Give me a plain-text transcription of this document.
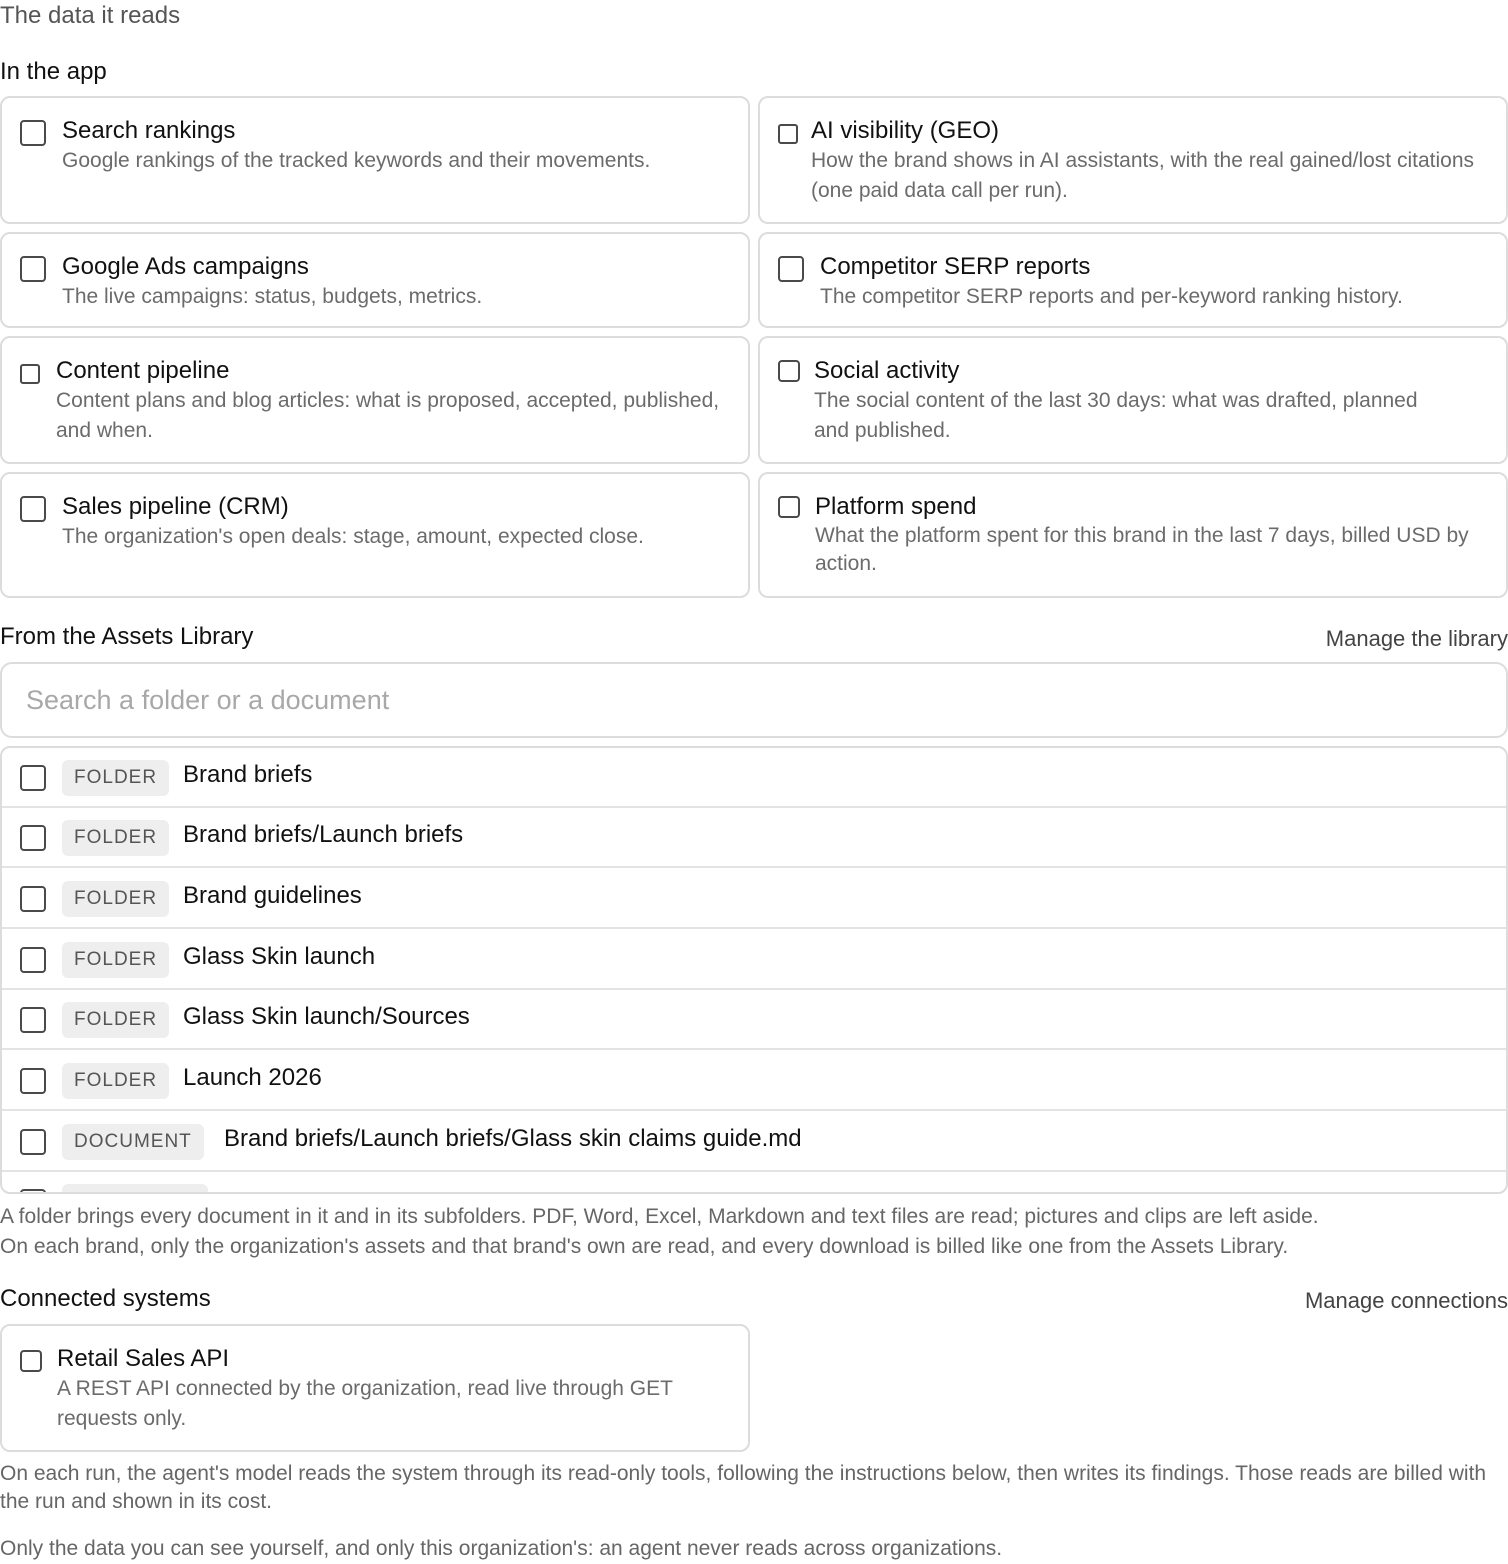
The data it reads
In the app
Search rankings
Google rankings of the tracked keywords and their movements.
AI visibility (GEO)
How the brand shows in AI assistants, with the real gained/lost citations (one paid data call per run).
Google Ads campaigns
The live campaigns: status, budgets, metrics.
Competitor SERP reports
The competitor SERP reports and per-keyword ranking history.
Content pipeline
Content plans and blog articles: what is proposed, accepted, published, and when.
Social activity
The social content of the last 30 days: what was drafted, planned and published.
Sales pipeline (CRM)
The organization's open deals: stage, amount, expected close.
Platform spend
What the platform spent for this brand in the last 7 days, billed USD by action.
From the Assets Library	Manage the library
Search a folder or a document
FOLDER	Brand briefs
FOLDER	Brand briefs/Launch briefs
FOLDER	Brand guidelines
FOLDER	Glass Skin launch
FOLDER	Glass Skin launch/Sources
FOLDER	Launch 2026
DOCUMENT	Brand briefs/Launch briefs/Glass skin claims guide.md
A folder brings every document in it and in its subfolders. PDF, Word, Excel, Markdown and text files are read; pictures and clips are left aside.
On each brand, only the organization's assets and that brand's own are read, and every download is billed like one from the Assets Library.
Connected systems	Manage connections
Retail Sales API
A REST API connected by the organization, read live through GET requests only.
On each run, the agent's model reads the system through its read-only tools, following the instructions below, then writes its findings. Those reads are billed with the run and shown in its cost.
Only the data you can see yourself, and only this organization's: an agent never reads across organizations.
